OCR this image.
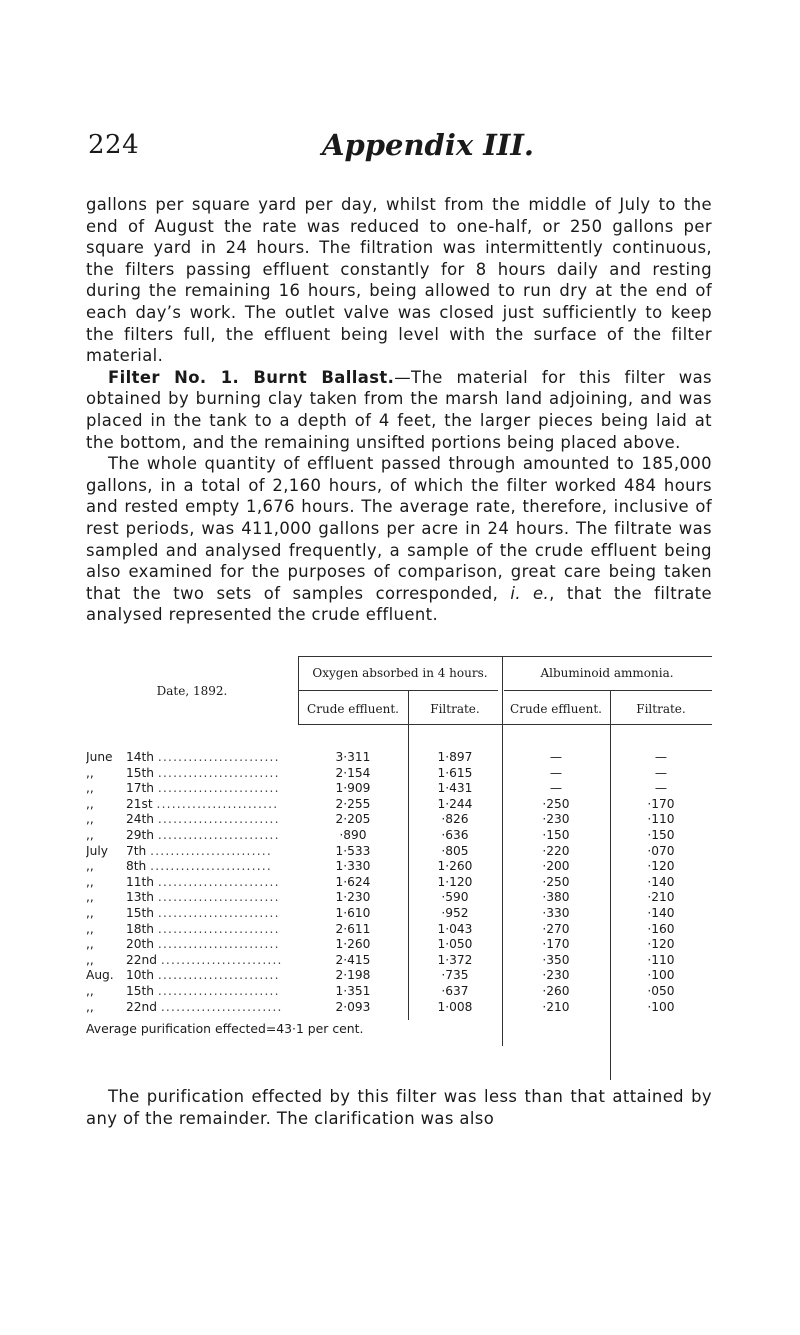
224	Appendix III.

gallons per square yard per day, whilst from the middle of July to the end of August the rate was reduced to one-half, or 250 gallons per square yard in 24 hours. The filtration was intermittently continuous, the filters passing effluent constantly for 8 hours daily and resting during the remaining 16 hours, being allowed to run dry at the end of each day’s work. The outlet valve was closed just sufficiently to keep the filters full, the effluent being level with the surface of the filter material.

Filter No. 1. Burnt Ballast.—The material for this filter was obtained by burning clay taken from the marsh land adjoining, and was placed in the tank to a depth of 4 feet, the larger pieces being laid at the bottom, and the remaining unsifted portions being placed above.

The whole quantity of effluent passed through amounted to 185,000 gallons, in a total of 2,160 hours, of which the filter worked 484 hours and rested empty 1,676 hours. The average rate, therefore, inclusive of rest periods, was 411,000 gallons per acre in 24 hours. The filtrate was sampled and analysed frequently, a sample of the crude effluent being also examined for the purposes of comparison, great care being taken that the two sets of samples corresponded, i. e., that the filtrate analysed represented the crude effluent.

Date, 1892.
Oxygen absorbed in 4 hours.	Albuminoid ammonia.
Crude effluent.	Filtrate.	Crude effluent.	Filtrate.
June 14th ........................	3·311	1·897	—	—
,,	15th ........................	2·154	1·615	—	—
,,	17th ........................	1·909	1·431	—	—
,,	21st ........................	2·255	1·244	·250	·170
,,	24th ........................	2·205	·826	·230	·110
,,	29th ........................	·890	·636	·150	·150
July 7th ........................	1·533	·805	·220	·070
,,	8th ........................	1·330	1·260	·200	·120
,,	11th ........................	1·624	1·120	·250	·140
,,	13th ........................	1·230	·590	·380	·210
,,	15th ........................	1·610	·952	·330	·140
,,	18th ........................	2·611	1·043	·270	·160
,,	20th ........................	1·260	1·050	·170	·120
,,	22nd ........................	2·415	1·372	·350	·110
Aug. 10th ........................	2·198	·735	·230	·100
,,	15th ........................	1·351	·637	·260	·050
,,	22nd ........................	2·093	1·008	·210	·100
Average purification effected=43·1 per cent.

The purification effected by this filter was less than that attained by any of the remainder. The clarification was also
